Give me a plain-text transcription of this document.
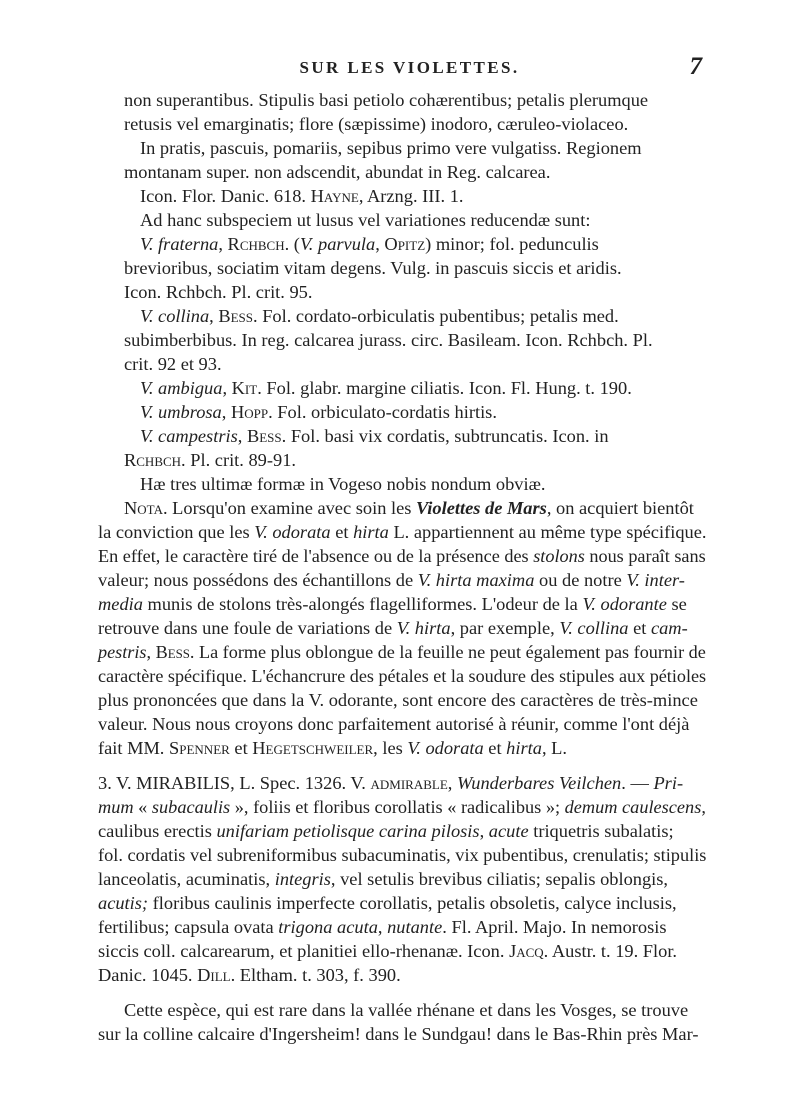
SUR LES VIOLETTES.	7
non superantibus. Stipulis basi petiolo cohærentibus; petalis plerumque
retusis vel emarginatis; flore (sæpissime) inodoro, cæruleo-violaceo.
In pratis, pascuis, pomariis, sepibus primo vere vulgatiss. Regionem
montanam super. non adscendit, abundat in Reg. calcarea.
Icon. Flor. Danic. 618. Hayne, Arzng. III. 1.
Ad hanc subspeciem ut lusus vel variationes reducendæ sunt:
V. fraterna, Rchbch. (V. parvula, Opitz) minor; fol. pedunculis
brevioribus, sociatim vitam degens. Vulg. in pascuis siccis et aridis.
Icon. Rchbch. Pl. crit. 95.
V. collina, Bess. Fol. cordato-orbiculatis pubentibus; petalis med.
subimberbibus. In reg. calcarea jurass. circ. Basileam. Icon. Rchbch. Pl.
crit. 92 et 93.
V. ambigua, Kit. Fol. glabr. margine ciliatis. Icon. Fl. Hung. t. 190.
V. umbrosa, Hopp. Fol. orbiculato-cordatis hirtis.
V. campestris, Bess. Fol. basi vix cordatis, subtruncatis. Icon. in
Rchbch. Pl. crit. 89-91.
Hæ tres ultimæ formæ in Vogeso nobis nondum obviæ.
Nota. Lorsqu'on examine avec soin les Violettes de Mars, on acquiert bientôt
la conviction que les V. odorata et hirta L. appartiennent au même type spécifique.
En effet, le caractère tiré de l'absence ou de la présence des stolons nous paraît sans
valeur; nous possédons des échantillons de V. hirta maxima ou de notre V. inter-
media munis de stolons très-alongés flagelliformes. L'odeur de la V. odorante se
retrouve dans une foule de variations de V. hirta, par exemple, V. collina et cam-
pestris, Bess. La forme plus oblongue de la feuille ne peut également pas fournir de
caractère spécifique. L'échancrure des pétales et la soudure des stipules aux pétioles
plus prononcées que dans la V. odorante, sont encore des caractères de très-mince
valeur. Nous nous croyons donc parfaitement autorisé à réunir, comme l'ont déjà
fait MM. Spenner et Hegetschweiler, les V. odorata et hirta, L.
3. V. MIRABILIS, L. Spec. 1326. V. admirable, Wunderbares Veilchen. — Pri-
mum « subacaulis », foliis et floribus corollatis « radicalibus »; demum caulescens,
caulibus erectis unifariam petiolisque carina pilosis, acute triquetris subalatis;
fol. cordatis vel subreniformibus subacuminatis, vix pubentibus, crenulatis; stipulis
lanceolatis, acuminatis, integris, vel setulis brevibus ciliatis; sepalis oblongis,
acutis; floribus caulinis imperfecte corollatis, petalis obsoletis, calyce inclusis,
fertilibus; capsula ovata trigona acuta, nutante. Fl. April. Majo. In nemorosis
siccis coll. calcarearum, et planitiei ello-rhenanæ. Icon. Jacq. Austr. t. 19. Flor.
Danic. 1045. Dill. Eltham. t. 303, f. 390.
Cette espèce, qui est rare dans la vallée rhénane et dans les Vosges, se trouve
sur la colline calcaire d'Ingersheim! dans le Sundgau! dans le Bas-Rhin près Mar-
